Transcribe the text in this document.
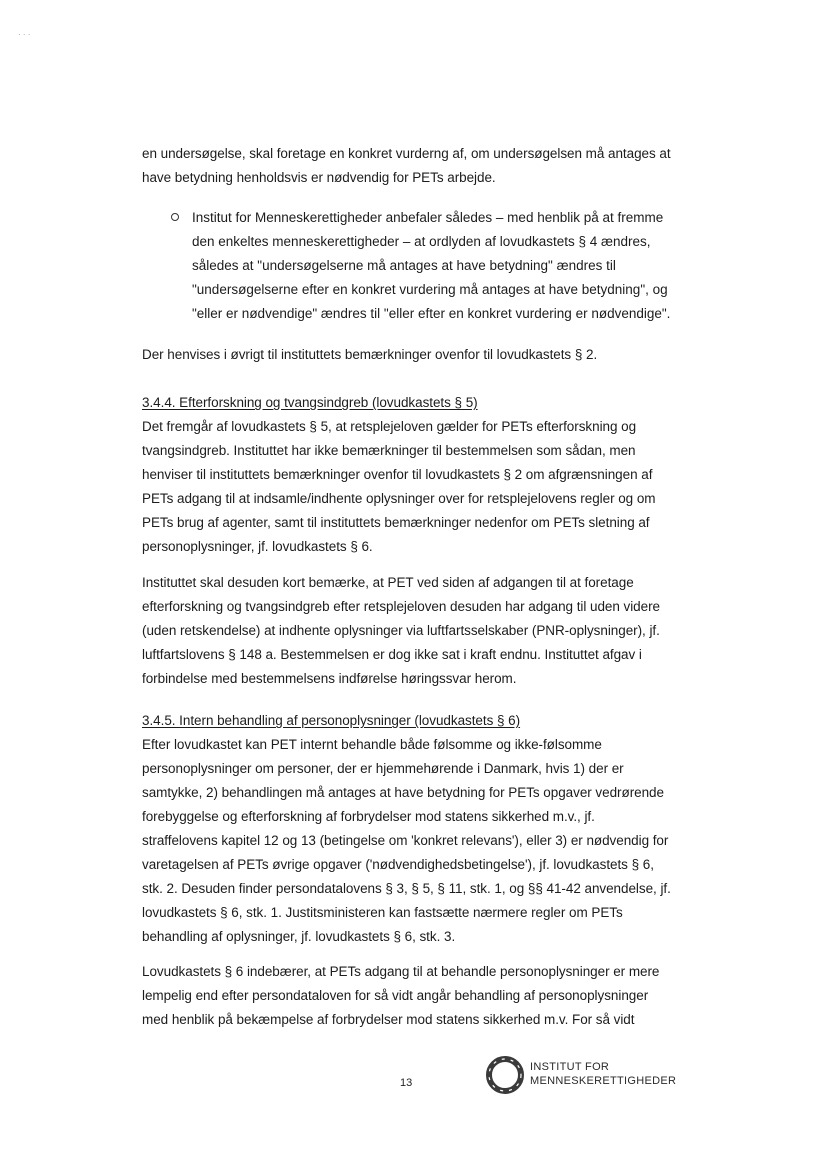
· · ·
en undersøgelse, skal foretage en konkret vurderng af, om undersøgelsen må antages at
have betydning henholdsvis er nødvendig for PETs arbejde.
Institut for Menneskerettigheder anbefaler således – med henblik på at fremme
den enkeltes menneskerettigheder – at ordlyden af lovudkastets § 4 ændres,
således at "undersøgelserne må antages at have betydning" ændres til
"undersøgelserne efter en konkret vurdering må antages at have betydning", og
"eller er nødvendige" ændres til "eller efter en konkret vurdering er nødvendige".
Der henvises i øvrigt til instituttets bemærkninger ovenfor til lovudkastets § 2.
3.4.4. Efterforskning og tvangsindgreb (lovudkastets § 5)
Det fremgår af lovudkastets § 5, at retsplejeloven gælder for PETs efterforskning og
tvangsindgreb. Instituttet har ikke bemærkninger til bestemmelsen som sådan, men
henviser til instituttets bemærkninger ovenfor til lovudkastets § 2 om afgrænsningen af
PETs adgang til at indsamle/indhente oplysninger over for retsplejelovens regler og om
PETs brug af agenter, samt til instituttets bemærkninger nedenfor om PETs sletning af
personoplysninger, jf. lovudkastets § 6.
Instituttet skal desuden kort bemærke, at PET ved siden af adgangen til at foretage
efterforskning og tvangsindgreb efter retsplejeloven desuden har adgang til uden videre
(uden retskendelse) at indhente oplysninger via luftfartsselskaber (PNR-oplysninger), jf.
luftfartslovens § 148 a. Bestemmelsen er dog ikke sat i kraft endnu. Instituttet afgav i
forbindelse med bestemmelsens indførelse høringssvar herom.
3.4.5. Intern behandling af personoplysninger (lovudkastets § 6)
Efter lovudkastet kan PET internt behandle både følsomme og ikke-følsomme
personoplysninger om personer, der er hjemmehørende i Danmark, hvis 1) der er
samtykke, 2) behandlingen må antages at have betydning for PETs opgaver vedrørende
forebyggelse og efterforskning af forbrydelser mod statens sikkerhed m.v., jf.
straffelovens kapitel 12 og 13 (betingelse om 'konkret relevans'), eller 3) er nødvendig for
varetagelsen af PETs øvrige opgaver ('nødvendighedsbetingelse'), jf. lovudkastets § 6,
stk. 2. Desuden finder persondatalovens § 3, § 5, § 11, stk. 1, og §§ 41-42 anvendelse, jf.
lovudkastets § 6, stk. 1. Justitsministeren kan fastsætte nærmere regler om PETs
behandling af oplysninger, jf. lovudkastets § 6, stk. 3.
Lovudkastets § 6 indebærer, at PETs adgang til at behandle personoplysninger er mere
lempelig end efter persondataloven for så vidt angår behandling af personoplysninger
med henblik på bekæmpelse af forbrydelser mod statens sikkerhed m.v. For så vidt
13
INSTITUT FOR
MENNESKERETTIGHEDER
